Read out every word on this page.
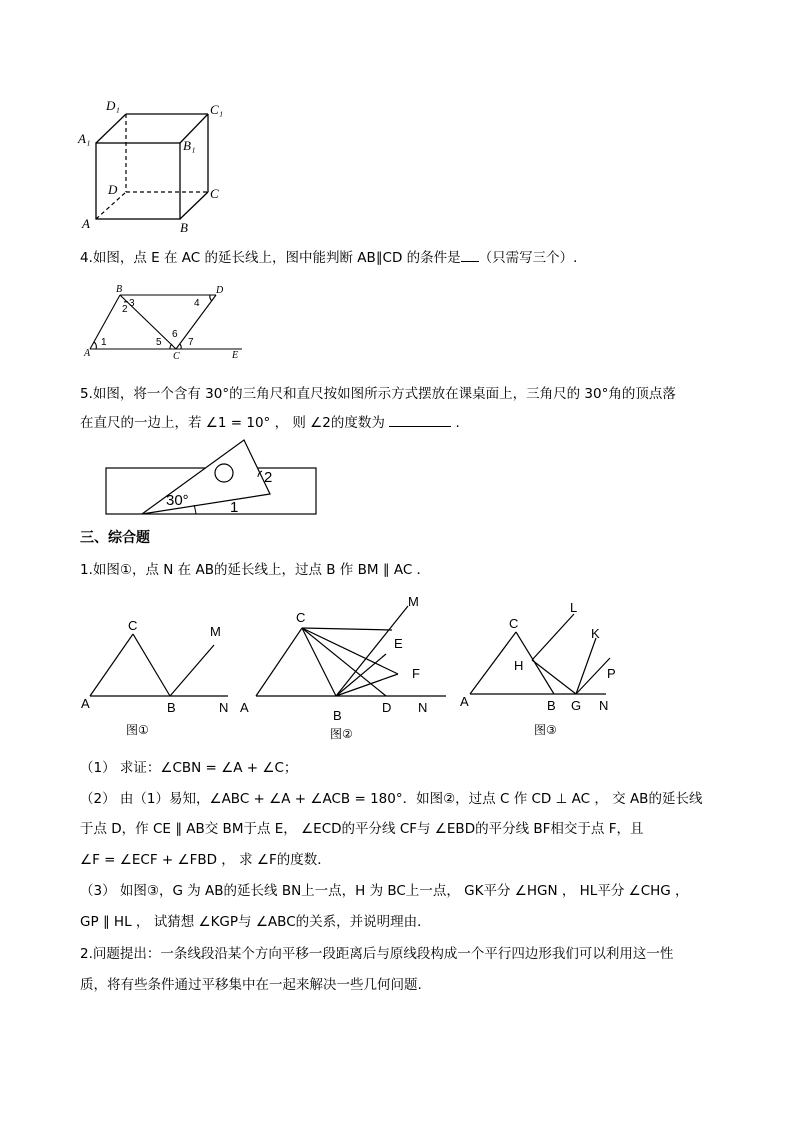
D₁	C₁
A₁	B₁
D	C
A	B
4.如图，点 E 在 AC 的延长线上，图中能判断 AB∥CD 的条件是 （只需写三个）.
B	D
A	C	E
1
2
3	4
5
6
7
5.如图，将一个含有 30°的三角尺和直尺按如图所示方式摆放在课桌面上，三角尺的 30°角的顶点落
在直尺的一边上，若 ∠1 = 10° ， 则 ∠2的度数为	.
30°	1
2
三、综合题
1.如图①，点 N 在 AB的延长线上，过点 B 作 BM ∥ AC ．
C	M
A	B	N
图①
C
M
E
F
A
B
D N
图②
C
L
K
H
P
A	B G N
图③
（1） 求证：∠CBN = ∠A + ∠C；
（2） 由（1）易知，∠ABC + ∠A + ∠ACB = 180°．如图②，过点 C 作 CD ⊥ AC ， 交 AB的延长线
于点 D，作 CE ∥ AB交 BM于点 E， ∠ECD的平分线 CF与 ∠EBD的平分线 BF相交于点 F，且
∠F = ∠ECF + ∠FBD ， 求 ∠F的度数．
（3） 如图③，G 为 AB的延长线 BN上一点，H 为 BC上一点， GK平分 ∠HGN ， HL平分 ∠CHG ，
GP ∥ HL ， 试猜想 ∠KGP与 ∠ABC的关系，并说明理由．
2.问题提出：一条线段沿某个方向平移一段距离后与原线段构成一个平行四边形我们可以利用这一性
质，将有些条件通过平移集中在一起来解决一些几何问题.
